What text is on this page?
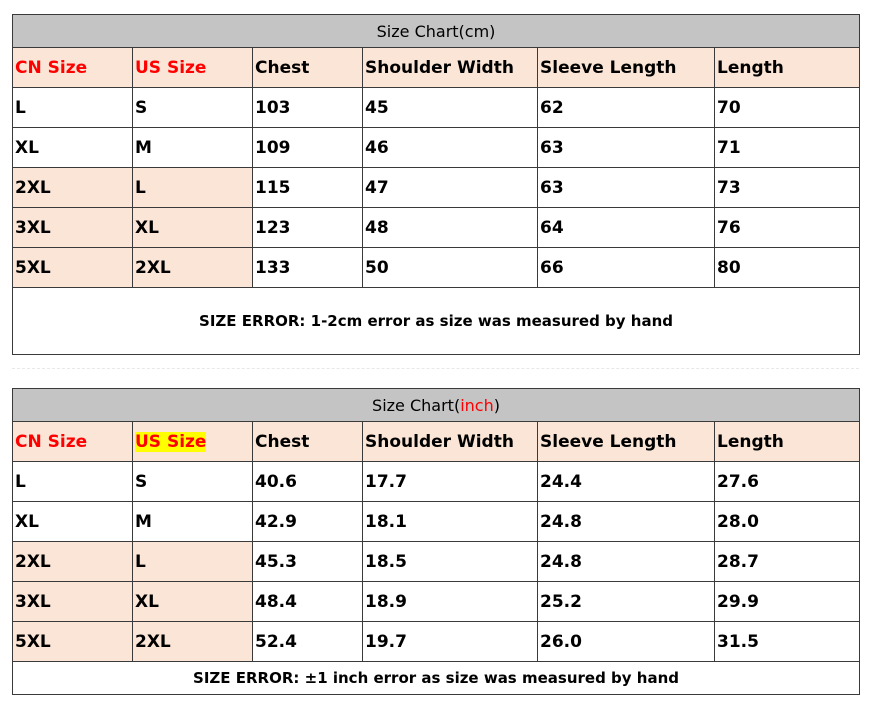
Size Chart(cm)					
CN Size	US Size	Chest	Shoulder Width	Sleeve Length	Length
L	S	103	45	62	70
XL	M	109	46	63	71
2XL	L	115	47	63	73
3XL	XL	123	48	64	76
5XL	2XL	133	50	66	80
SIZE ERROR: 1-2cm error as size was measured by hand					
Size Chart(inch)					
CN Size	US Size	Chest	Shoulder Width	Sleeve Length	Length
L	S	40.6	17.7	24.4	27.6
XL	M	42.9	18.1	24.8	28.0
2XL	L	45.3	18.5	24.8	28.7
3XL	XL	48.4	18.9	25.2	29.9
5XL	2XL	52.4	19.7	26.0	31.5
SIZE ERROR: ±1 inch error as size was measured by hand					
